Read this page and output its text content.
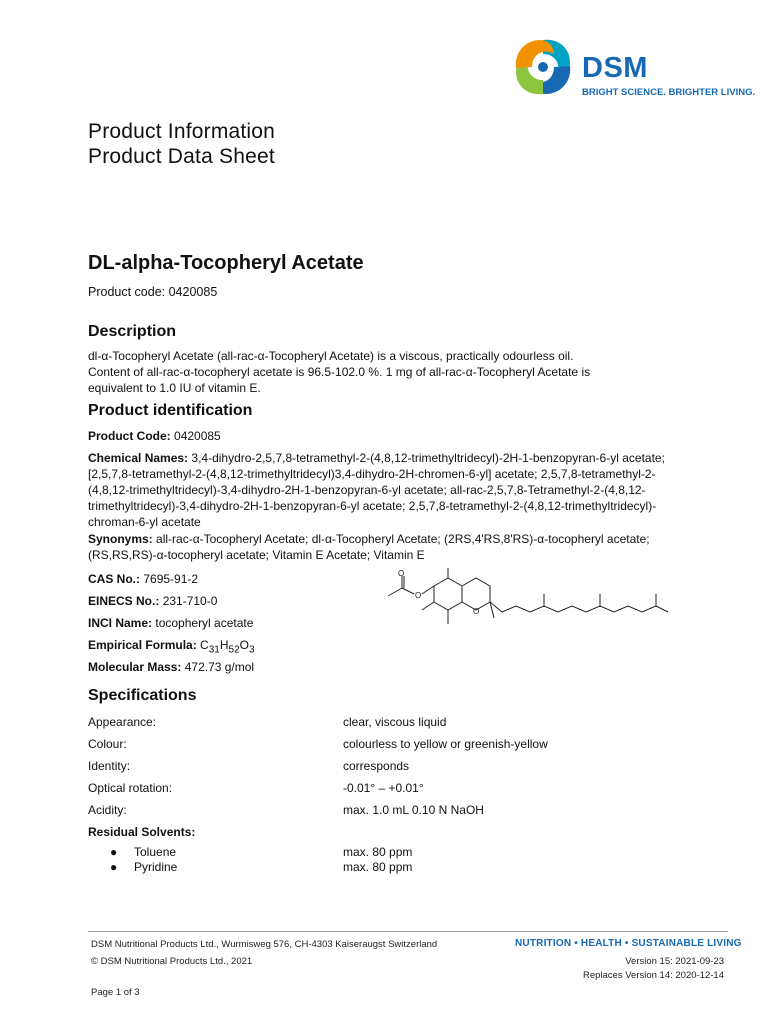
DSM
BRIGHT SCIENCE. BRIGHTER LIVING.
Product Information
Product Data Sheet
DL-alpha-Tocopheryl Acetate
Product code: 0420085
Description
dl-α-Tocopheryl Acetate (all-rac-α-Tocopheryl Acetate) is a viscous, practically odourless oil.
Content of all-rac-α-tocopheryl acetate is 96.5-102.0 %. 1 mg of all-rac-α-Tocopheryl Acetate is
equivalent to 1.0 IU of vitamin E.
Product identification
Product Code: 0420085
Chemical Names: 3,4-dihydro-2,5,7,8-tetramethyl-2-(4,8,12-trimethyltridecyl)-2H-1-benzopyran-6-yl acetate; [2,5,7,8-tetramethyl-2-(4,8,12-trimethyltridecyl)3,4-dihydro-2H-chromen-6-yl] acetate; 2,5,7,8-tetramethyl-2-(4,8,12-trimethyltridecyl)-3,4-dihydro-2H-1-benzopyran-6-yl acetate; all-rac-2,5,7,8-Tetramethyl-2-(4,8,12-trimethyltridecyl)-3,4-dihydro-2H-1-benzopyran-6-yl acetate; 2,5,7,8-tetramethyl-2-(4,8,12-trimethyltridecyl)-chroman-6-yl acetate
Synonyms: all-rac-α-Tocopheryl Acetate; dl-α-Tocopheryl Acetate; (2RS,4'RS,8'RS)-α-tocopheryl acetate; (RS,RS,RS)-α-tocopheryl acetate; Vitamin E Acetate; Vitamin E
CAS No.: 7695-91-2
EINECS No.: 231-710-0
INCI Name: tocopheryl acetate
Empirical Formula: $C_{31}H_{52}O_3$
Molecular Mass: 472.73 g/mol
O
O
O
Specifications
Appearance:	clear, viscous liquid
Colour:	colourless to yellow or greenish-yellow
Identity:	corresponds
Optical rotation:	-0.01° – +0.01°
Acidity:	max. 1.0 mL 0.10 N NaOH
Residual Solvents:
● Toluene	max. 80 ppm
● Pyridine	max. 80 ppm
DSM Nutritional Products Ltd., Wurmisweg 576, CH-4303 Kaiseraugst Switzerland	NUTRITION • HEALTH • SUSTAINABLE LIVING
© DSM Nutritional Products Ltd., 2021	Version 15: 2021-09-23
Replaces Version 14: 2020-12-14
Page 1 of 3
